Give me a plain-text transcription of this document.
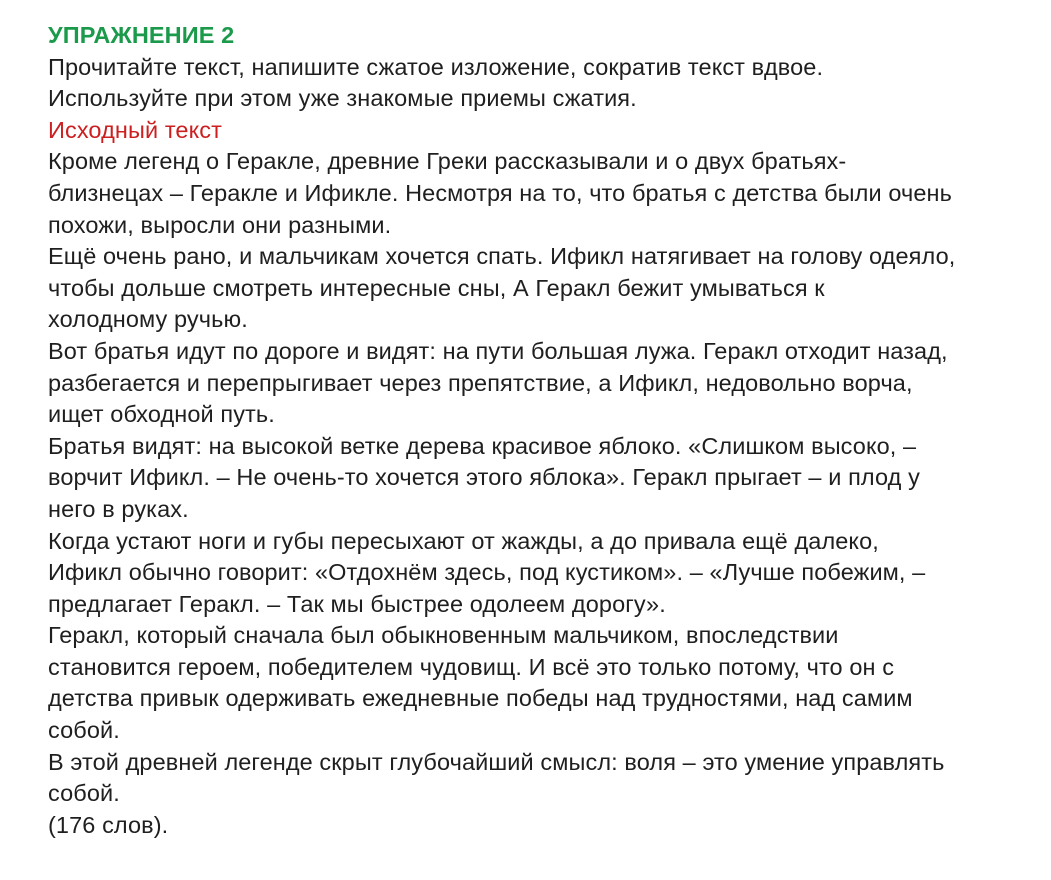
УПРАЖНЕНИЕ 2

Прочитайте текст, напишите сжатое изложение, сократив текст вдвое.

Используйте при этом уже знакомые приемы сжатия.

Исходный текст

Кроме легенд о Геракле, древние Греки рассказывали и о двух братьях-

близнецах – Геракле и Ификле. Несмотря на то, что братья с детства были очень

похожи, выросли они разными.

Ещё очень рано, и мальчикам хочется спать. Ификл натягивает на голову одеяло,

чтобы дольше смотреть интересные сны, А Геракл бежит умываться к

холодному ручью.

Вот братья идут по дороге и видят: на пути большая лужа. Геракл отходит назад,

разбегается и перепрыгивает через препятствие, а Ификл, недовольно ворча,

ищет обходной путь.

Братья видят: на высокой ветке дерева красивое яблоко. «Слишком высоко, –

ворчит Ификл. – Не очень-то хочется этого яблока». Геракл прыгает – и плод у

него в руках.

Когда устают ноги и губы пересыхают от жажды, а до привала ещё далеко,

Ификл обычно говорит: «Отдохнём здесь, под кустиком». – «Лучше побежим, –

предлагает Геракл. – Так мы быстрее одолеем дорогу».

Геракл, который сначала был обыкновенным мальчиком, впоследствии

становится героем, победителем чудовищ. И всё это только потому, что он с

детства привык одерживать ежедневные победы над трудностями, над самим

собой.

В этой древней легенде скрыт глубочайший смысл: воля – это умение управлять

собой.

(176 слов).
